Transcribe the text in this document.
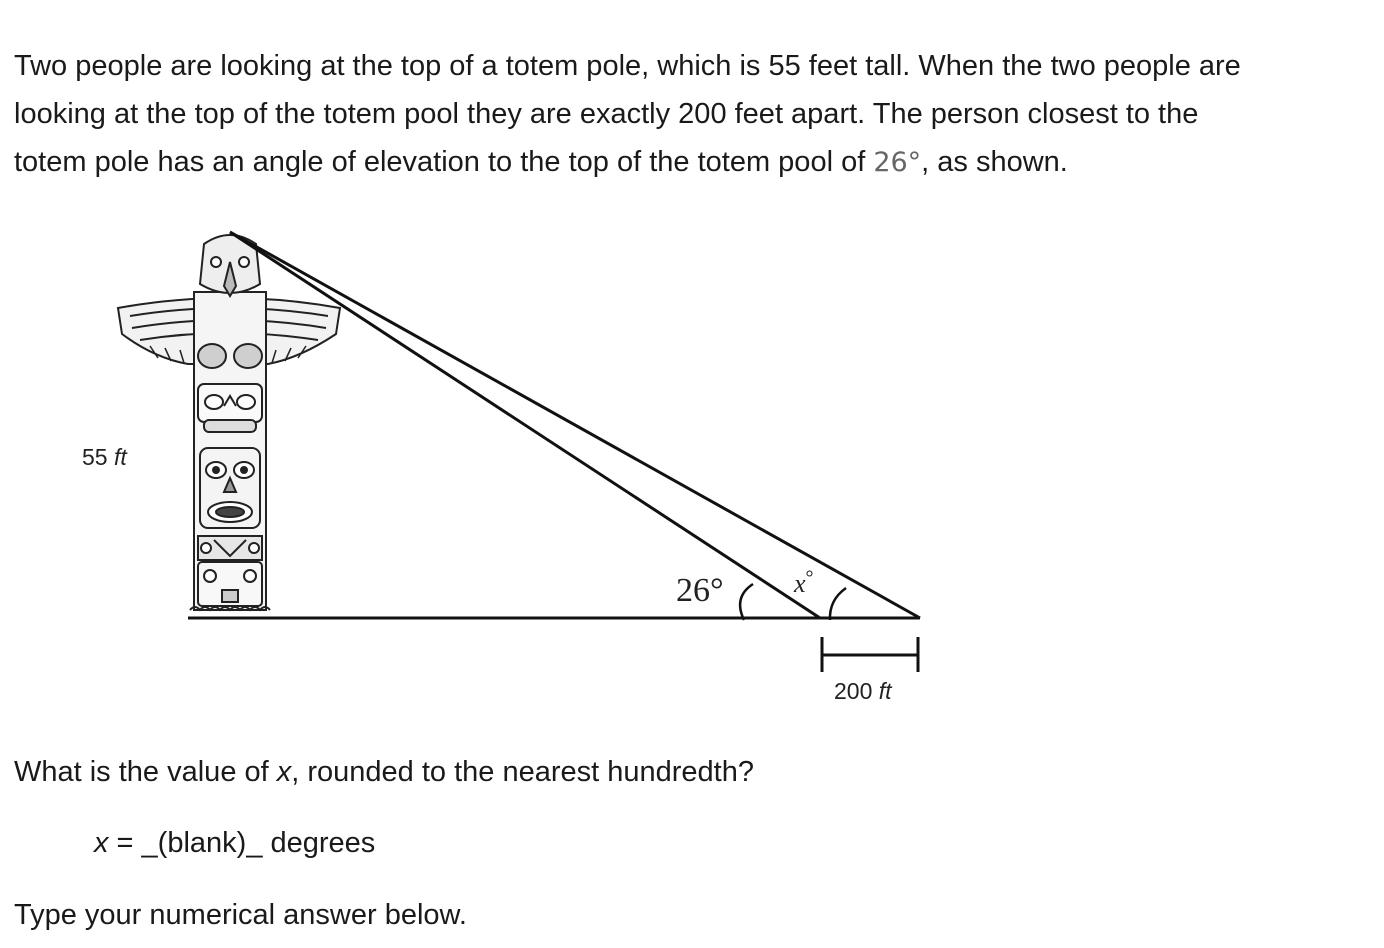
Two people are looking at the top of a totem pole, which is 55 feet tall. When the two people are

looking at the top of the totem pool they are exactly 200 feet apart. The person closest to the

totem pole has an angle of elevation to the top of the totem pool of 26°, as shown.

55 ft
26°	x°
200 ft

What is the value of x, rounded to the nearest hundredth?

x = _(blank)_ degrees

Type your numerical answer below.
